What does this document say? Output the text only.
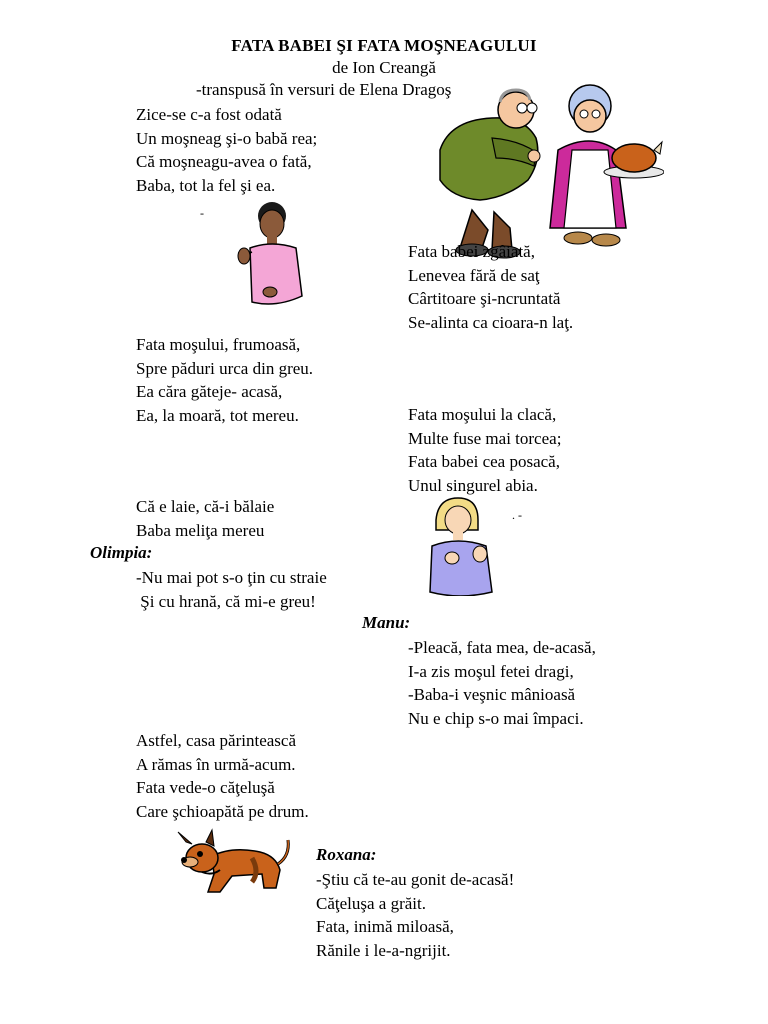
FATA BABEI ŞI FATA MOŞNEAGULUI
de Ion Creangă
-transpusă în versuri de Elena Dragoş
Zice-se c-a fost odată
Un moşneag şi-o babă rea;
Că moşneagu-avea o fată,
Baba, tot la fel şi ea.
-
Fata babei zgâiată,
Lenevea fără de saţ
Cârtitoare şi-ncruntată
Se-alinta ca cioara-n laţ.
Fata moşului, frumoasă,
Spre păduri urca din greu.
Ea căra găteje- acasă,
Ea, la moară, tot mereu.	Fata moşului la clacă,
Multe fuse mai torcea;
Fata babei cea posacă,
Unul singurel abia.
Că e laie, că-i bălaie
Baba meliţa mereu
Olimpia:
-Nu mai pot s-o ţin cu straie
Şi cu hrană, că mi-e greu!
. -
Manu:
-Pleacă, fata mea, de-acasă,
I-a zis moşul fetei dragi,
-Baba-i veşnic mânioasă
Nu e chip s-o mai împaci.
Astfel, casa părintească
A rămas în urmă-acum.
Fata vede-o căţeluşă
Care şchioapătă pe drum.
Roxana:
-Ştiu că te-au gonit de-acasă!
Căţeluşa a grăit.
Fata, inimă miloasă,
Rănile i le-a-ngrijit.
